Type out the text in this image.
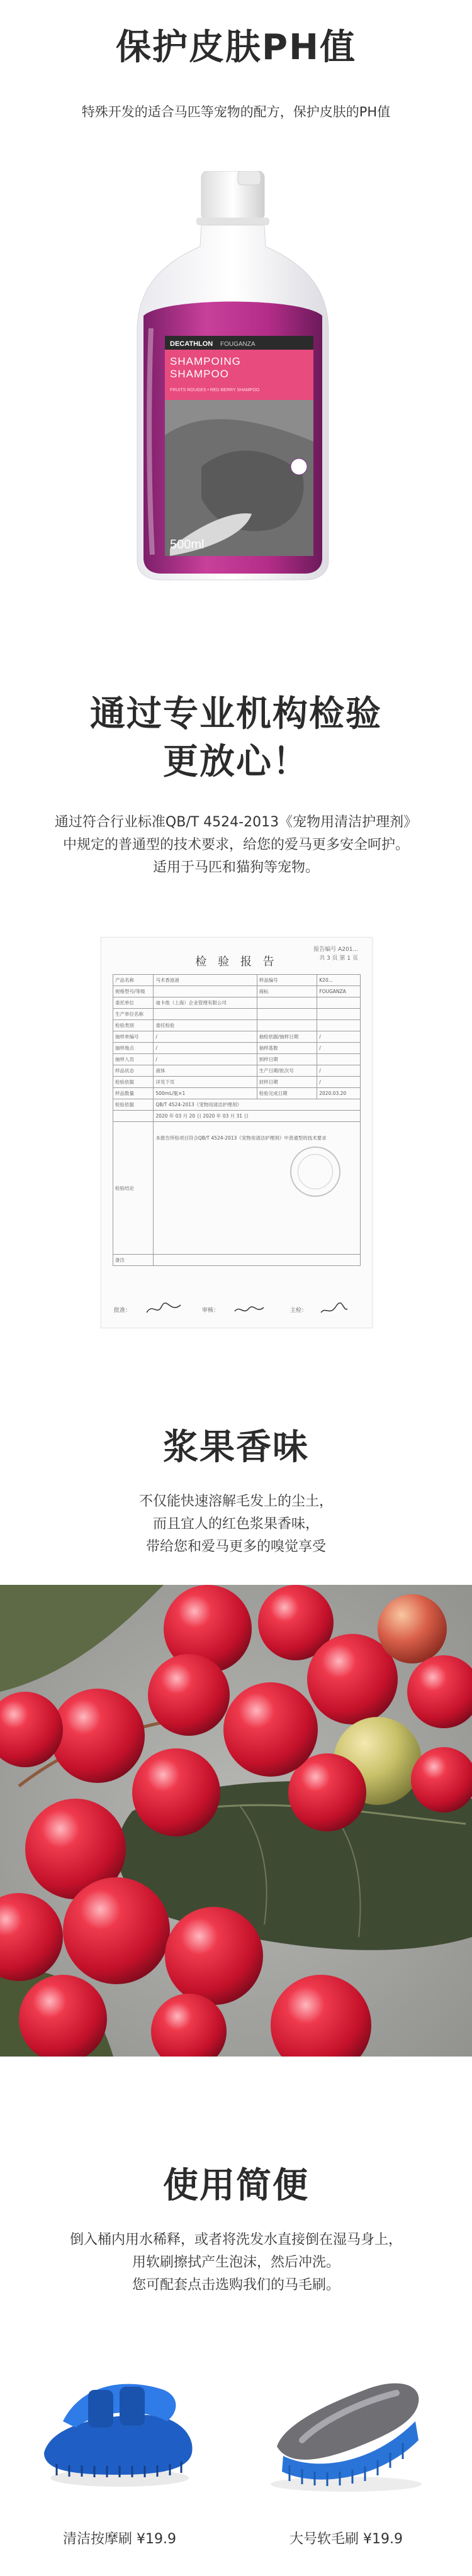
保护皮肤PH值
特殊开发的适合马匹等宠物的配方，保护皮肤的PH值
DECATHLON FOUGANZA
SHAMPOING
SHAMPOO
FRUITS ROUGES • RED BERRY SHAMPOO
500ml
通过专业机构检验
更放心！
通过符合行业标准QB/T 4524-2013《宠物用清洁护理剂》
中规定的普通型的技术要求，给您的爱马更多安全呵护。
适用于马匹和猫狗等宠物。
报告编号 A201...
共 3 页 第 1 页
检 验 报 告
产品名称	马术香波液	样品编号	K20...
规格型号/等级		商标	FOUGANZA
委托单位	迪卡侬（上海）企业管理有限公司		
生产单位名称			
检验类别	委托检验		
抽样单编号	/	抽检依据/抽样日期	/
抽样地点	/	抽样基数	/
抽样人员	/	到样日期	
样品状态	液体	生产日期/批次号	/
检验依据	详见下页	封样日期	/
样品数量	500mL/瓶×1	检验完成日期	2020.03.20
检验依据	QB/T 4524-2013《宠物用清洁护理剂》		
	2020 年 03 月 20 日 2020 年 03 月 31 日		
检验结论	本报告所检项目符合QB/T 4524-2013《宠物用清洁护理剂》中普通型的技术要求		
备注			
批准：	审核：	主检：
浆果香味
不仅能快速溶解毛发上的尘土，
而且宜人的红色浆果香味，
带给您和爱马更多的嗅觉享受
使用简便
倒入桶内用水稀释，或者将洗发水直接倒在湿马身上，
用软刷擦拭产生泡沫，然后冲洗。
您可配套点击选购我们的马毛刷。
清洁按摩刷 ¥19.9	大号软毛刷 ¥19.9
